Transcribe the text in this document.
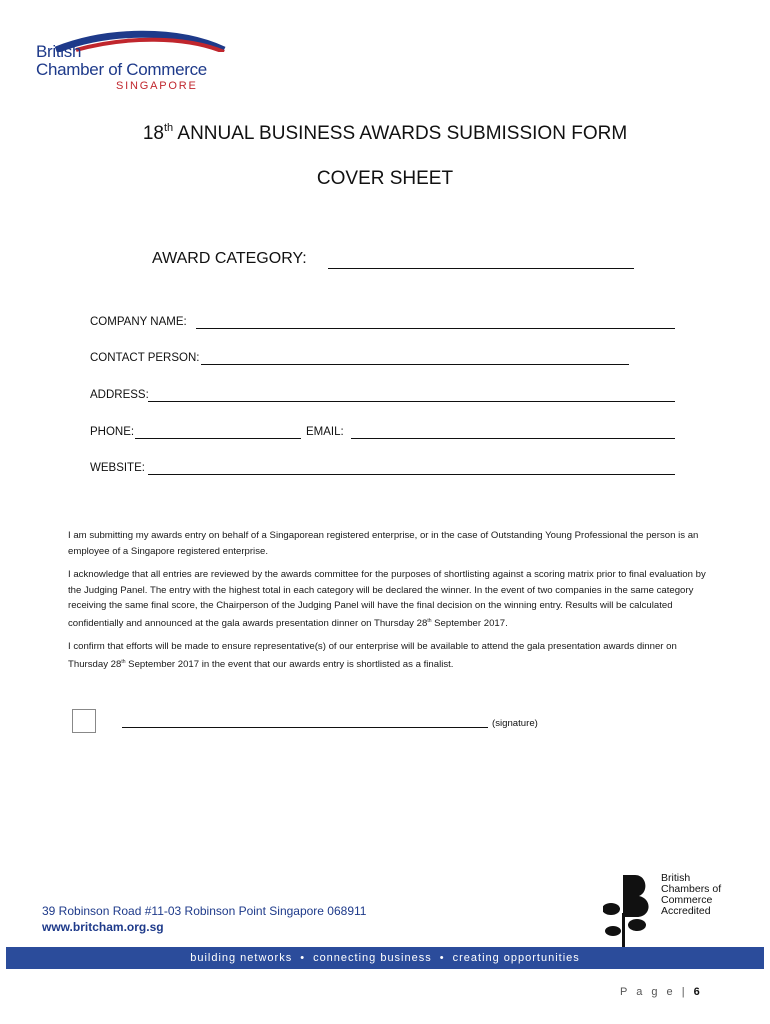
British
Chamber of Commerce
SINGAPORE
18th ANNUAL BUSINESS AWARDS SUBMISSION FORM
COVER SHEET
AWARD CATEGORY:
COMPANY NAME:
CONTACT PERSON:
ADDRESS:
PHONE:	EMAIL:
WEBSITE:

I am submitting my awards entry on behalf of a Singaporean registered enterprise, or in the case of Outstanding Young Professional the person is an employee of a Singapore registered enterprise.

I acknowledge that all entries are reviewed by the awards committee for the purposes of shortlisting against a scoring matrix prior to final evaluation by the Judging Panel. The entry with the highest total in each category will be declared the winner. In the event of two companies in the same category receiving the same final score, the Chairperson of the Judging Panel will have the final decision on the winning entry. Results will be calculated confidentially and announced at the gala awards presentation dinner on Thursday 28th September 2017.

I confirm that efforts will be made to ensure representative(s) of our enterprise will be available to attend the gala presentation awards dinner on Thursday 28th September 2017 in the event that our awards entry is shortlisted as a finalist.

(signature)
British
Chambers of
Commerce
Accredited
39 Robinson Road #11-03 Robinson Point Singapore 068911
www.britcham.org.sg
building networks • connecting business • creating opportunities
P a g e | 6
